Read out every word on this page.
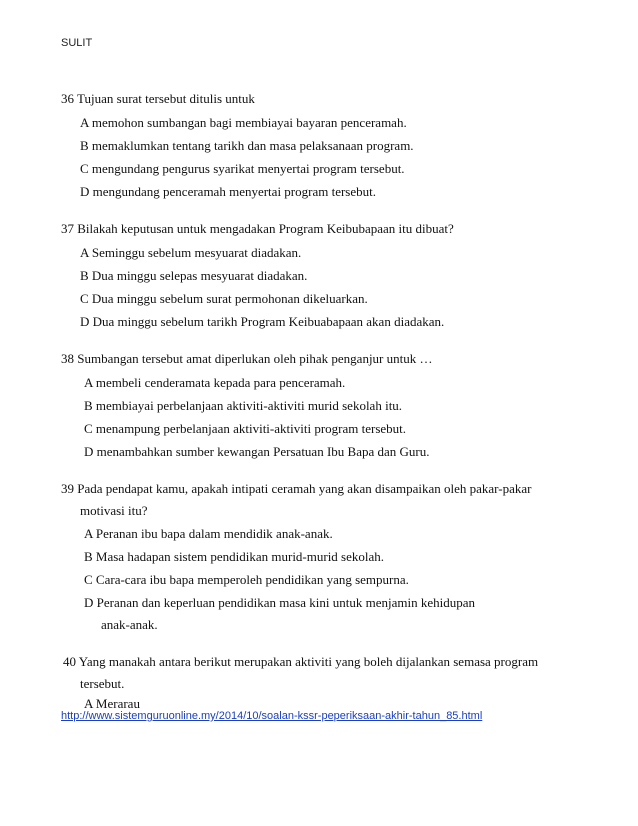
SULIT
36 Tujuan surat tersebut ditulis untuk
A memohon sumbangan bagi membiayai bayaran penceramah.
B memaklumkan tentang tarikh dan masa pelaksanaan program.
C mengundang pengurus syarikat menyertai program tersebut.
D mengundang penceramah menyertai program tersebut.
37 Bilakah keputusan untuk mengadakan Program Keibubapaan itu dibuat?
A Seminggu sebelum mesyuarat diadakan.
B Dua minggu selepas mesyuarat diadakan.
C Dua minggu sebelum surat permohonan dikeluarkan.
D Dua minggu sebelum tarikh Program Keibuabapaan akan diadakan.
38 Sumbangan tersebut amat diperlukan oleh pihak penganjur untuk …
A membeli cenderamata kepada para penceramah.
B membiayai perbelanjaan aktiviti-aktiviti murid sekolah itu.
C menampung perbelanjaan aktiviti-aktiviti program tersebut.
D menambahkan sumber kewangan Persatuan Ibu Bapa dan Guru.
39 Pada pendapat kamu, apakah intipati ceramah yang akan disampaikan oleh pakar-pakar
motivasi itu?
A Peranan ibu bapa dalam mendidik anak-anak.
B Masa hadapan sistem pendidikan murid-murid sekolah.
C Cara-cara ibu bapa memperoleh pendidikan yang sempurna.
D Peranan dan keperluan pendidikan masa kini untuk menjamin kehidupan
anak-anak.
40 Yang manakah antara berikut merupakan aktiviti yang boleh dijalankan semasa program
tersebut.
A Merarau
http://www.sistemguruonline.my/2014/10/soalan-kssr-peperiksaan-akhir-tahun_85.html
